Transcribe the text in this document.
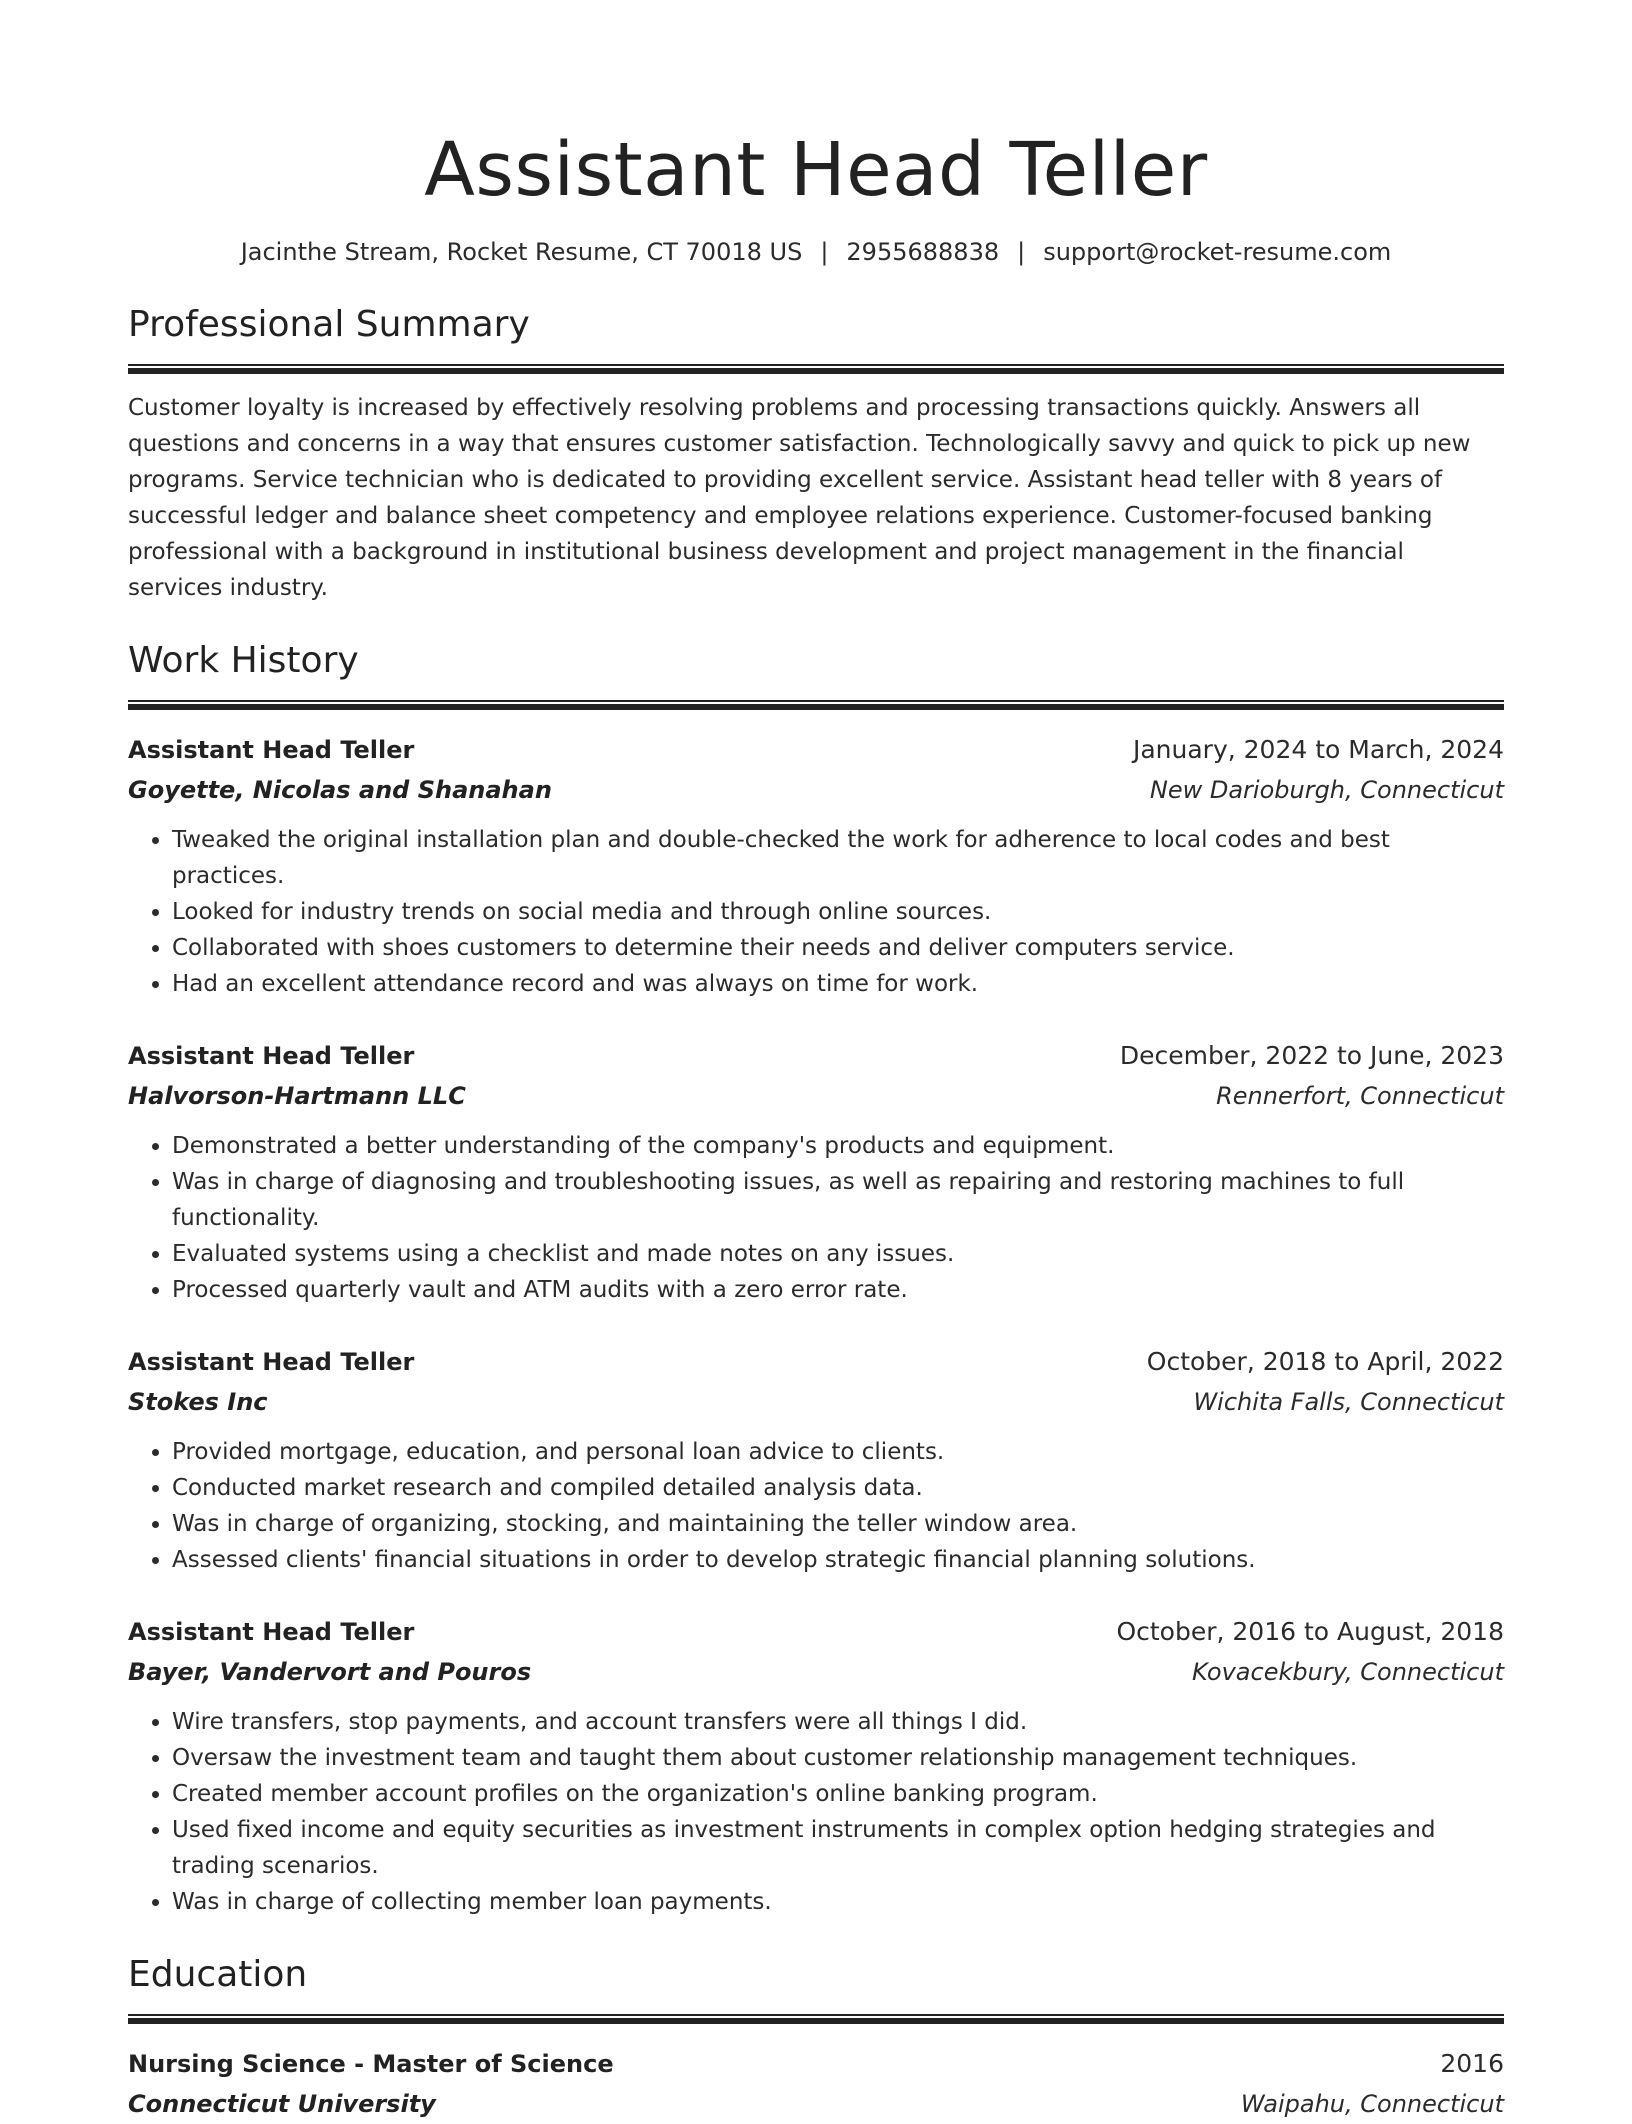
Assistant Head Teller
Jacinthe Stream, Rocket Resume, CT 70018 US | 2955688838 | support@rocket-resume.com
Professional Summary

Customer loyalty is increased by effectively resolving problems and processing transactions quickly. Answers all questions and concerns in a way that ensures customer satisfaction. Technologically savvy and quick to pick up new programs. Service technician who is dedicated to providing excellent service. Assistant head teller with 8 years of successful ledger and balance sheet competency and employee relations experience. Customer-focused banking professional with a background in institutional business development and project management in the financial services industry.

Work History
Assistant Head Teller	January, 2024 to March, 2024
Goyette, Nicolas and Shanahan	New Darioburgh, Connecticut
• Tweaked the original installation plan and double-checked the work for adherence to local codes and best practices.
• Looked for industry trends on social media and through online sources.
• Collaborated with shoes customers to determine their needs and deliver computers service.
• Had an excellent attendance record and was always on time for work.
Assistant Head Teller	December, 2022 to June, 2023
Halvorson-Hartmann LLC	Rennerfort, Connecticut
• Demonstrated a better understanding of the company's products and equipment.
• Was in charge of diagnosing and troubleshooting issues, as well as repairing and restoring machines to full functionality.
• Evaluated systems using a checklist and made notes on any issues.
• Processed quarterly vault and ATM audits with a zero error rate.
Assistant Head Teller	October, 2018 to April, 2022
Stokes Inc	Wichita Falls, Connecticut
• Provided mortgage, education, and personal loan advice to clients.
• Conducted market research and compiled detailed analysis data.
• Was in charge of organizing, stocking, and maintaining the teller window area.
• Assessed clients' financial situations in order to develop strategic financial planning solutions.
Assistant Head Teller	October, 2016 to August, 2018
Bayer, Vandervort and Pouros	Kovacekbury, Connecticut
• Wire transfers, stop payments, and account transfers were all things I did.
• Oversaw the investment team and taught them about customer relationship management techniques.
• Created member account profiles on the organization's online banking program.
• Used fixed income and equity securities as investment instruments in complex option hedging strategies and trading scenarios.
• Was in charge of collecting member loan payments.
Education
Nursing Science - Master of Science	2016
Connecticut University	Waipahu, Connecticut
